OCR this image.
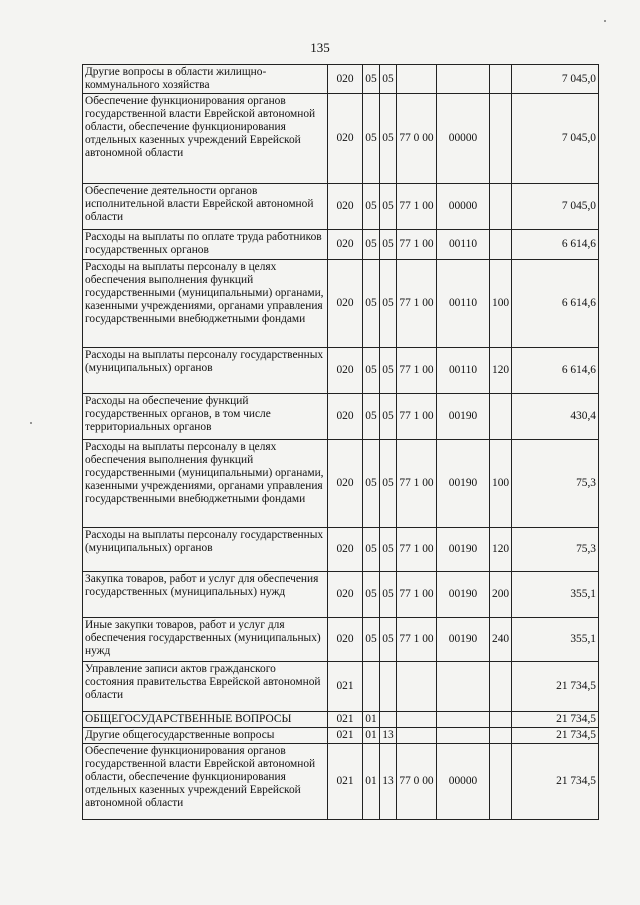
135
Другие вопросы в области жилищно-коммунального хозяйства	020	05	05				7 045,0
Обеспечение функционирования органов государственной власти Еврейской автономной области, обеспечение функционирования отдельных казенных учреждений Еврейской автономной области	020	05	05	77 0 00	00000		7 045,0
Обеспечение деятельности органов исполнительной власти Еврейской автономной области	020	05	05	77 1 00	00000		7 045,0
Расходы на выплаты по оплате труда работников государственных органов	020	05	05	77 1 00	00110		6 614,6
Расходы на выплаты персоналу в целях обеспечения выполнения функций государственными (муниципальными) органами, казенными учреждениями, органами управления государственными внебюджетными фондами	020	05	05	77 1 00	00110	100	6 614,6
Расходы на выплаты персоналу государственных (муниципальных) органов	020	05	05	77 1 00	00110	120	6 614,6
Расходы на обеспечение функций государственных органов, в том числе территориальных органов	020	05	05	77 1 00	00190		430,4
Расходы на выплаты персоналу в целях обеспечения выполнения функций государственными (муниципальными) органами, казенными учреждениями, органами управления государственными внебюджетными фондами	020	05	05	77 1 00	00190	100	75,3
Расходы на выплаты персоналу государственных (муниципальных) органов	020	05	05	77 1 00	00190	120	75,3
Закупка товаров, работ и услуг для обеспечения государственных (муниципальных) нужд	020	05	05	77 1 00	00190	200	355,1
Иные закупки товаров, работ и услуг для обеспечения государственных (муниципальных) нужд	020	05	05	77 1 00	00190	240	355,1
Управление записи актов гражданского состояния правительства Еврейской автономной области	021						21 734,5
ОБЩЕГОСУДАРСТВЕННЫЕ ВОПРОСЫ	021	01					21 734,5
Другие общегосударственные вопросы	021	01	13				21 734,5
Обеспечение функционирования органов государственной власти Еврейской автономной области, обеспечение функционирования отдельных казенных учреждений Еврейской автономной области	021	01	13	77 0 00	00000		21 734,5
